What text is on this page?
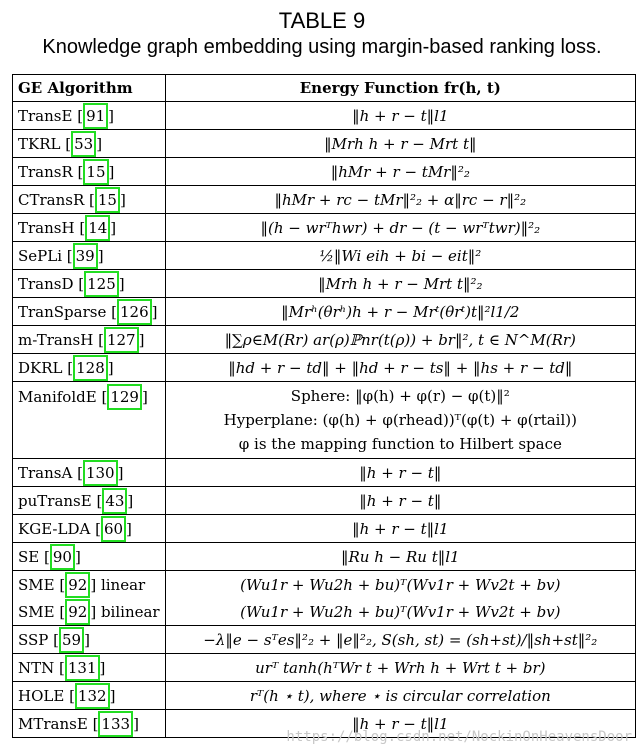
TABLE 9
Knowledge graph embedding using margin-based ranking loss.
GE Algorithm	Energy Function fr(h, t)
TransE [ 91 ]	‖h + r − t‖l1
TKRL [ 53 ]	‖Mrh h + r − Mrt t‖
TransR [ 15 ]	‖hMr + r − tMr‖²₂
CTransR [ 15 ]	‖hMr + rc − tMr‖²₂ + α‖rc − r‖²₂
TransH [ 14 ]	‖(h − wrᵀhwr) + dr − (t − wrᵀtwr)‖²₂
SePLi [ 39 ]	½‖Wi eih + bi − eit‖²
TransD [ 125 ]	‖Mrh h + r − Mrt t‖²₂
TranSparse [ 126 ]	‖Mrʰ(θrʰ)h + r − Mrᵗ(θrᵗ)t‖²l1/2
m-TransH [ 127 ]	‖∑ρ∈M(Rr) ar(ρ)ℙnr(t(ρ)) + br‖², t ∈ N^M(Rr)
DKRL [ 128 ]	‖hd + r − td‖ + ‖hd + r − ts‖ + ‖hs + r − td‖
ManifoldE [ 129 ]	Sphere: ‖φ(h) + φ(r) − φ(t)‖²
Hyperplane: (φ(h) + φ(rhead))ᵀ(φ(t) + φ(rtail))
φ is the mapping function to Hilbert space

TransA [ 130 ]	‖h + r − t‖
puTransE [ 43 ]	‖h + r − t‖
KGE-LDA [ 60 ]	‖h + r − t‖l1
SE [ 90 ]	‖Ru h − Ru t‖l1
SME [ 92 ] linear	(Wu1r + Wu2h + bu)ᵀ(Wv1r + Wv2t + bv)
SME [ 92 ] bilinear	(Wu1r + Wu2h + bu)ᵀ(Wv1r + Wv2t + bv)
SSP [ 59 ]	−λ‖e − sᵀes‖²₂ + ‖e‖²₂, S(sh, st) = (sh+st)/‖sh+st‖²₂
NTN [ 131 ]	urᵀ tanh(hᵀWr t + Wrh h + Wrt t + br)
HOLE [ 132 ]	rᵀ(h ⋆ t), where ⋆ is circular correlation
MTransE [ 133 ]	‖h + r − t‖l1
https://blog.csdn.net/NockinOnHeavensDoor
